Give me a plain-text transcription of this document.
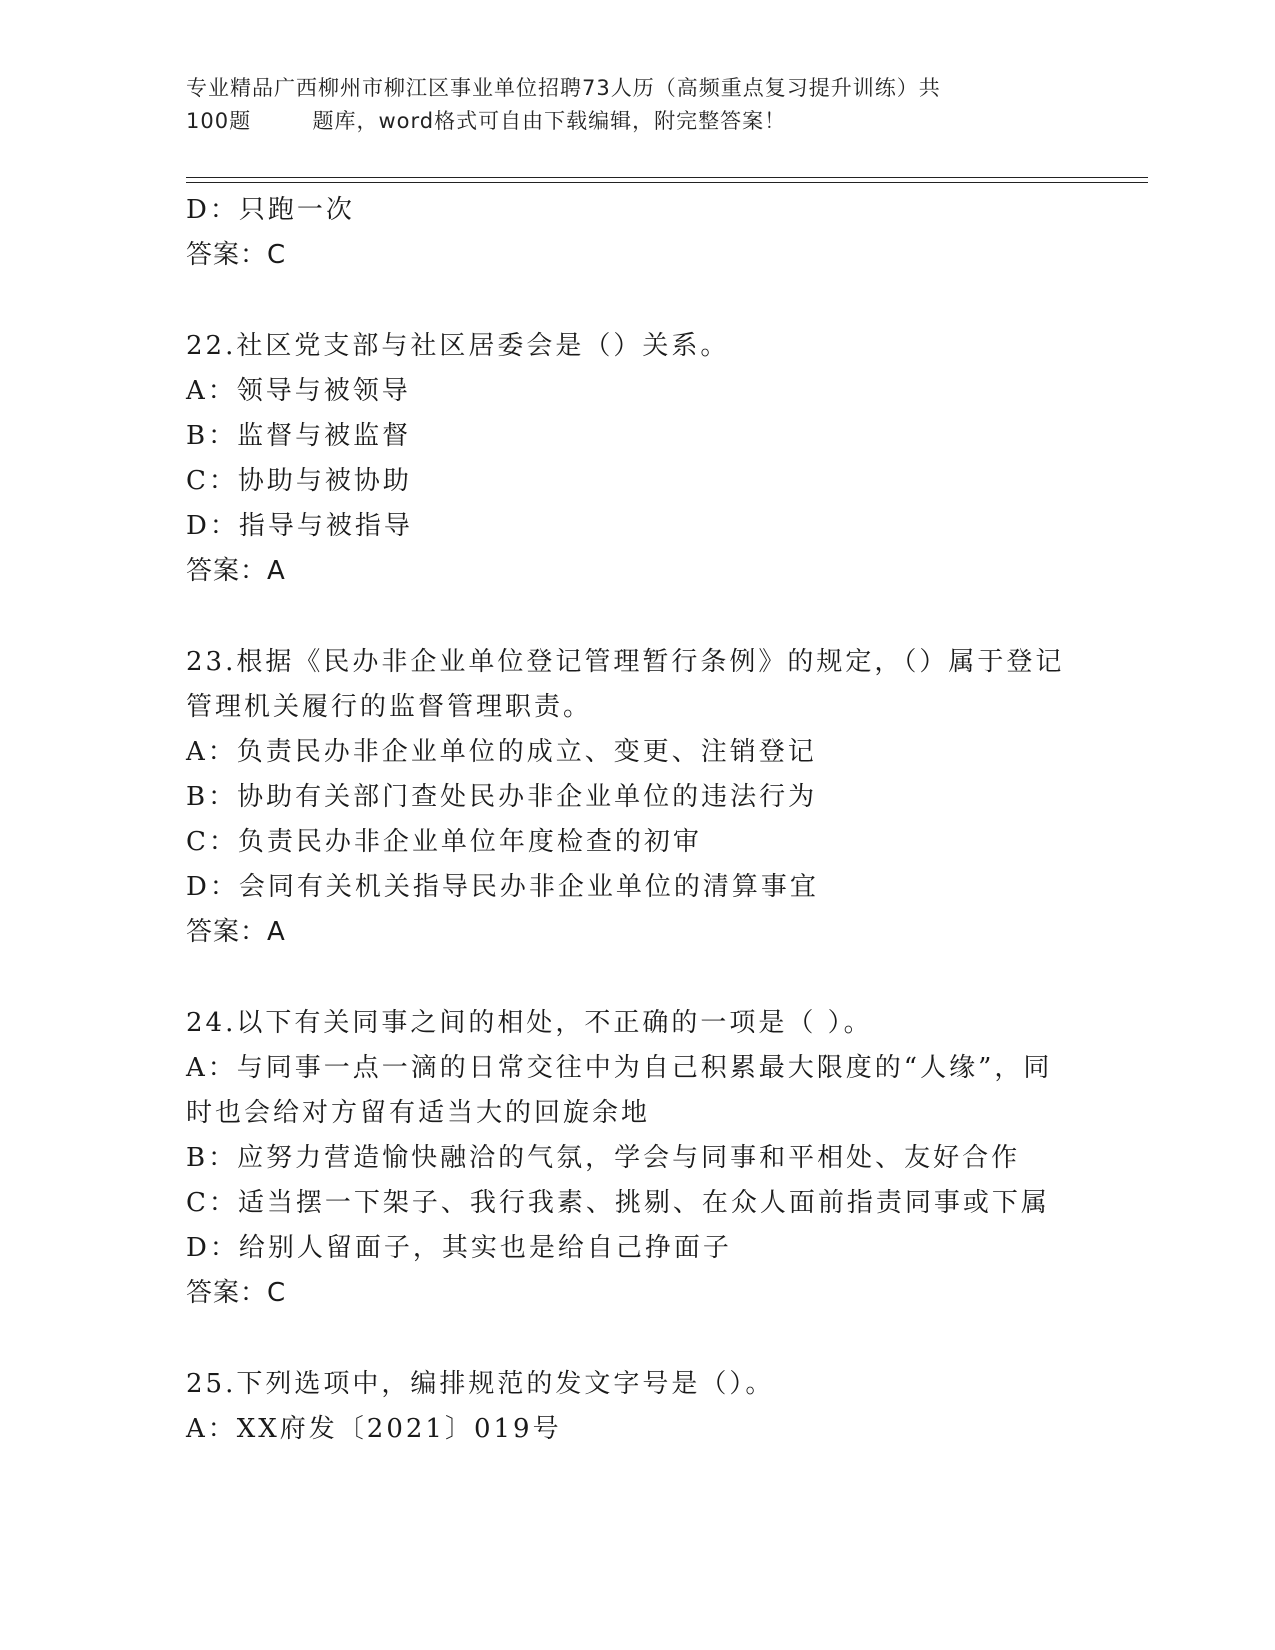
专业精品广西柳州市柳江区事业单位招聘73人历（高频重点复习提升训练）共
100题        题库，word格式可自由下载编辑，附完整答案！
D：只跑一次
答案：C
22.社区党支部与社区居委会是（）关系。
A：领导与被领导
B：监督与被监督
C：协助与被协助
D：指导与被指导
答案：A
23.根据《民办非企业单位登记管理暂行条例》的规定，（）属于登记
管理机关履行的监督管理职责。
A：负责民办非企业单位的成立、变更、注销登记
B：协助有关部门查处民办非企业单位的违法行为
C：负责民办非企业单位年度检查的初审
D：会同有关机关指导民办非企业单位的清算事宜
答案：A
24.以下有关同事之间的相处，不正确的一项是（ ）。
A：与同事一点一滴的日常交往中为自己积累最大限度的“人缘”，同
时也会给对方留有适当大的回旋余地
B：应努力营造愉快融洽的气氛，学会与同事和平相处、友好合作
C：适当摆一下架子、我行我素、挑剔、在众人面前指责同事或下属
D：给别人留面子，其实也是给自己挣面子
答案：C
25.下列选项中，编排规范的发文字号是（）。
A：XX府发〔2021〕019号
